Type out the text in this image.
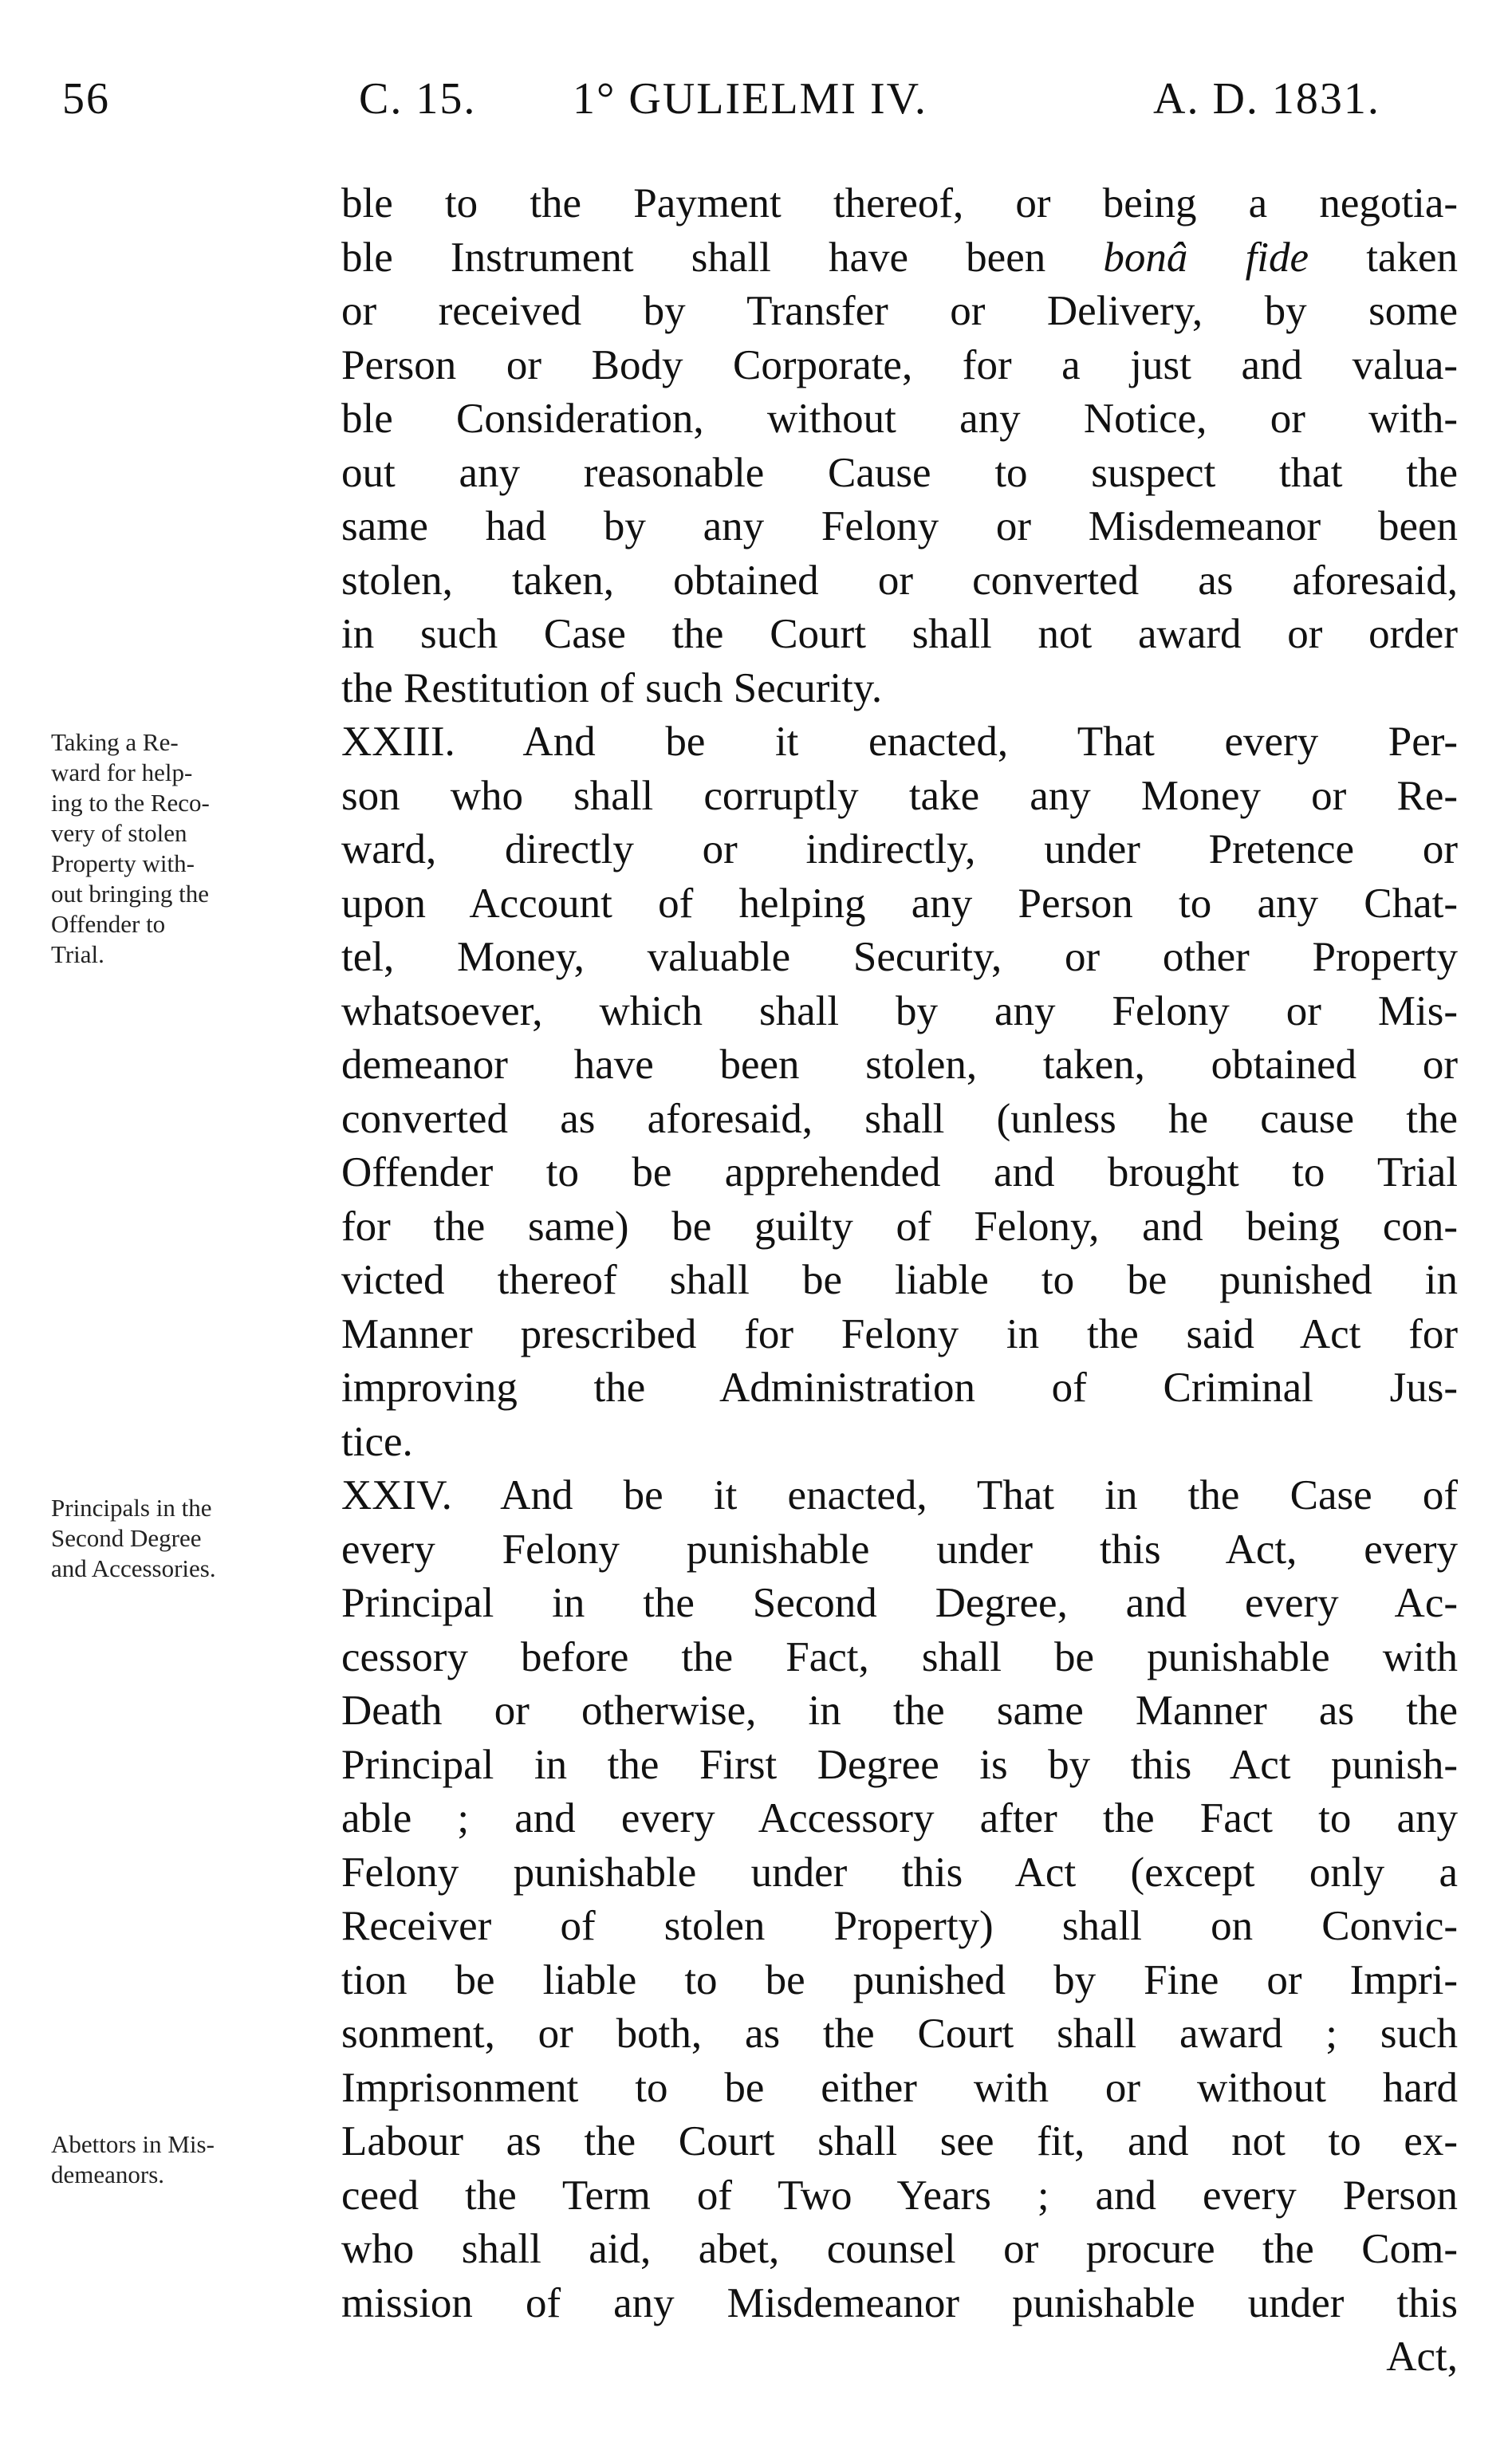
56	C. 15. 1° GULIELMI IV.	A. D. 1831.

ble to the Payment thereof, or being a negotia-

ble Instrument shall have been bonâ fide taken

or received by Transfer or Delivery, by some

Person or Body Corporate, for a just and valua-

ble Consideration, without any Notice, or with-

out any reasonable Cause to suspect that the

same had by any Felony or Misdemeanor been

stolen, taken, obtained or converted as aforesaid,

in such Case the Court shall not award or order

the Restitution of such Security.

XXIII. And be it enacted, That every Per-

son who shall corruptly take any Money or Re-

ward, directly or indirectly, under Pretence or

upon Account of helping any Person to any Chat-

tel, Money, valuable Security, or other Property

whatsoever, which shall by any Felony or Mis-

demeanor have been stolen, taken, obtained or

converted as aforesaid, shall (unless he cause the

Offender to be apprehended and brought to Trial

for the same) be guilty of Felony, and being con-

victed thereof shall be liable to be punished in

Manner prescribed for Felony in the said Act for

improving the Administration of Criminal Jus-

tice.

XXIV. And be it enacted, That in the Case of

every Felony punishable under this Act, every

Principal in the Second Degree, and every Ac-

cessory before the Fact, shall be punishable with

Death or otherwise, in the same Manner as the

Principal in the First Degree is by this Act punish-

able ; and every Accessory after the Fact to any

Felony punishable under this Act (except only a

Receiver of stolen Property) shall on Convic-

tion be liable to be punished by Fine or Impri-

sonment, or both, as the Court shall award ; such

Imprisonment to be either with or without hard

Labour as the Court shall see fit, and not to ex-

ceed the Term of Two Years ; and every Person

who shall aid, abet, counsel or procure the Com-

mission of any Misdemeanor punishable under this

Act,

Taking a Re-
ward for help-
ing to the Reco-
very of stolen
Property with-
out bringing the
Offender to
Trial.
Principals in the
Second Degree
and Accessories.
Abettors in Mis-
demeanors.
